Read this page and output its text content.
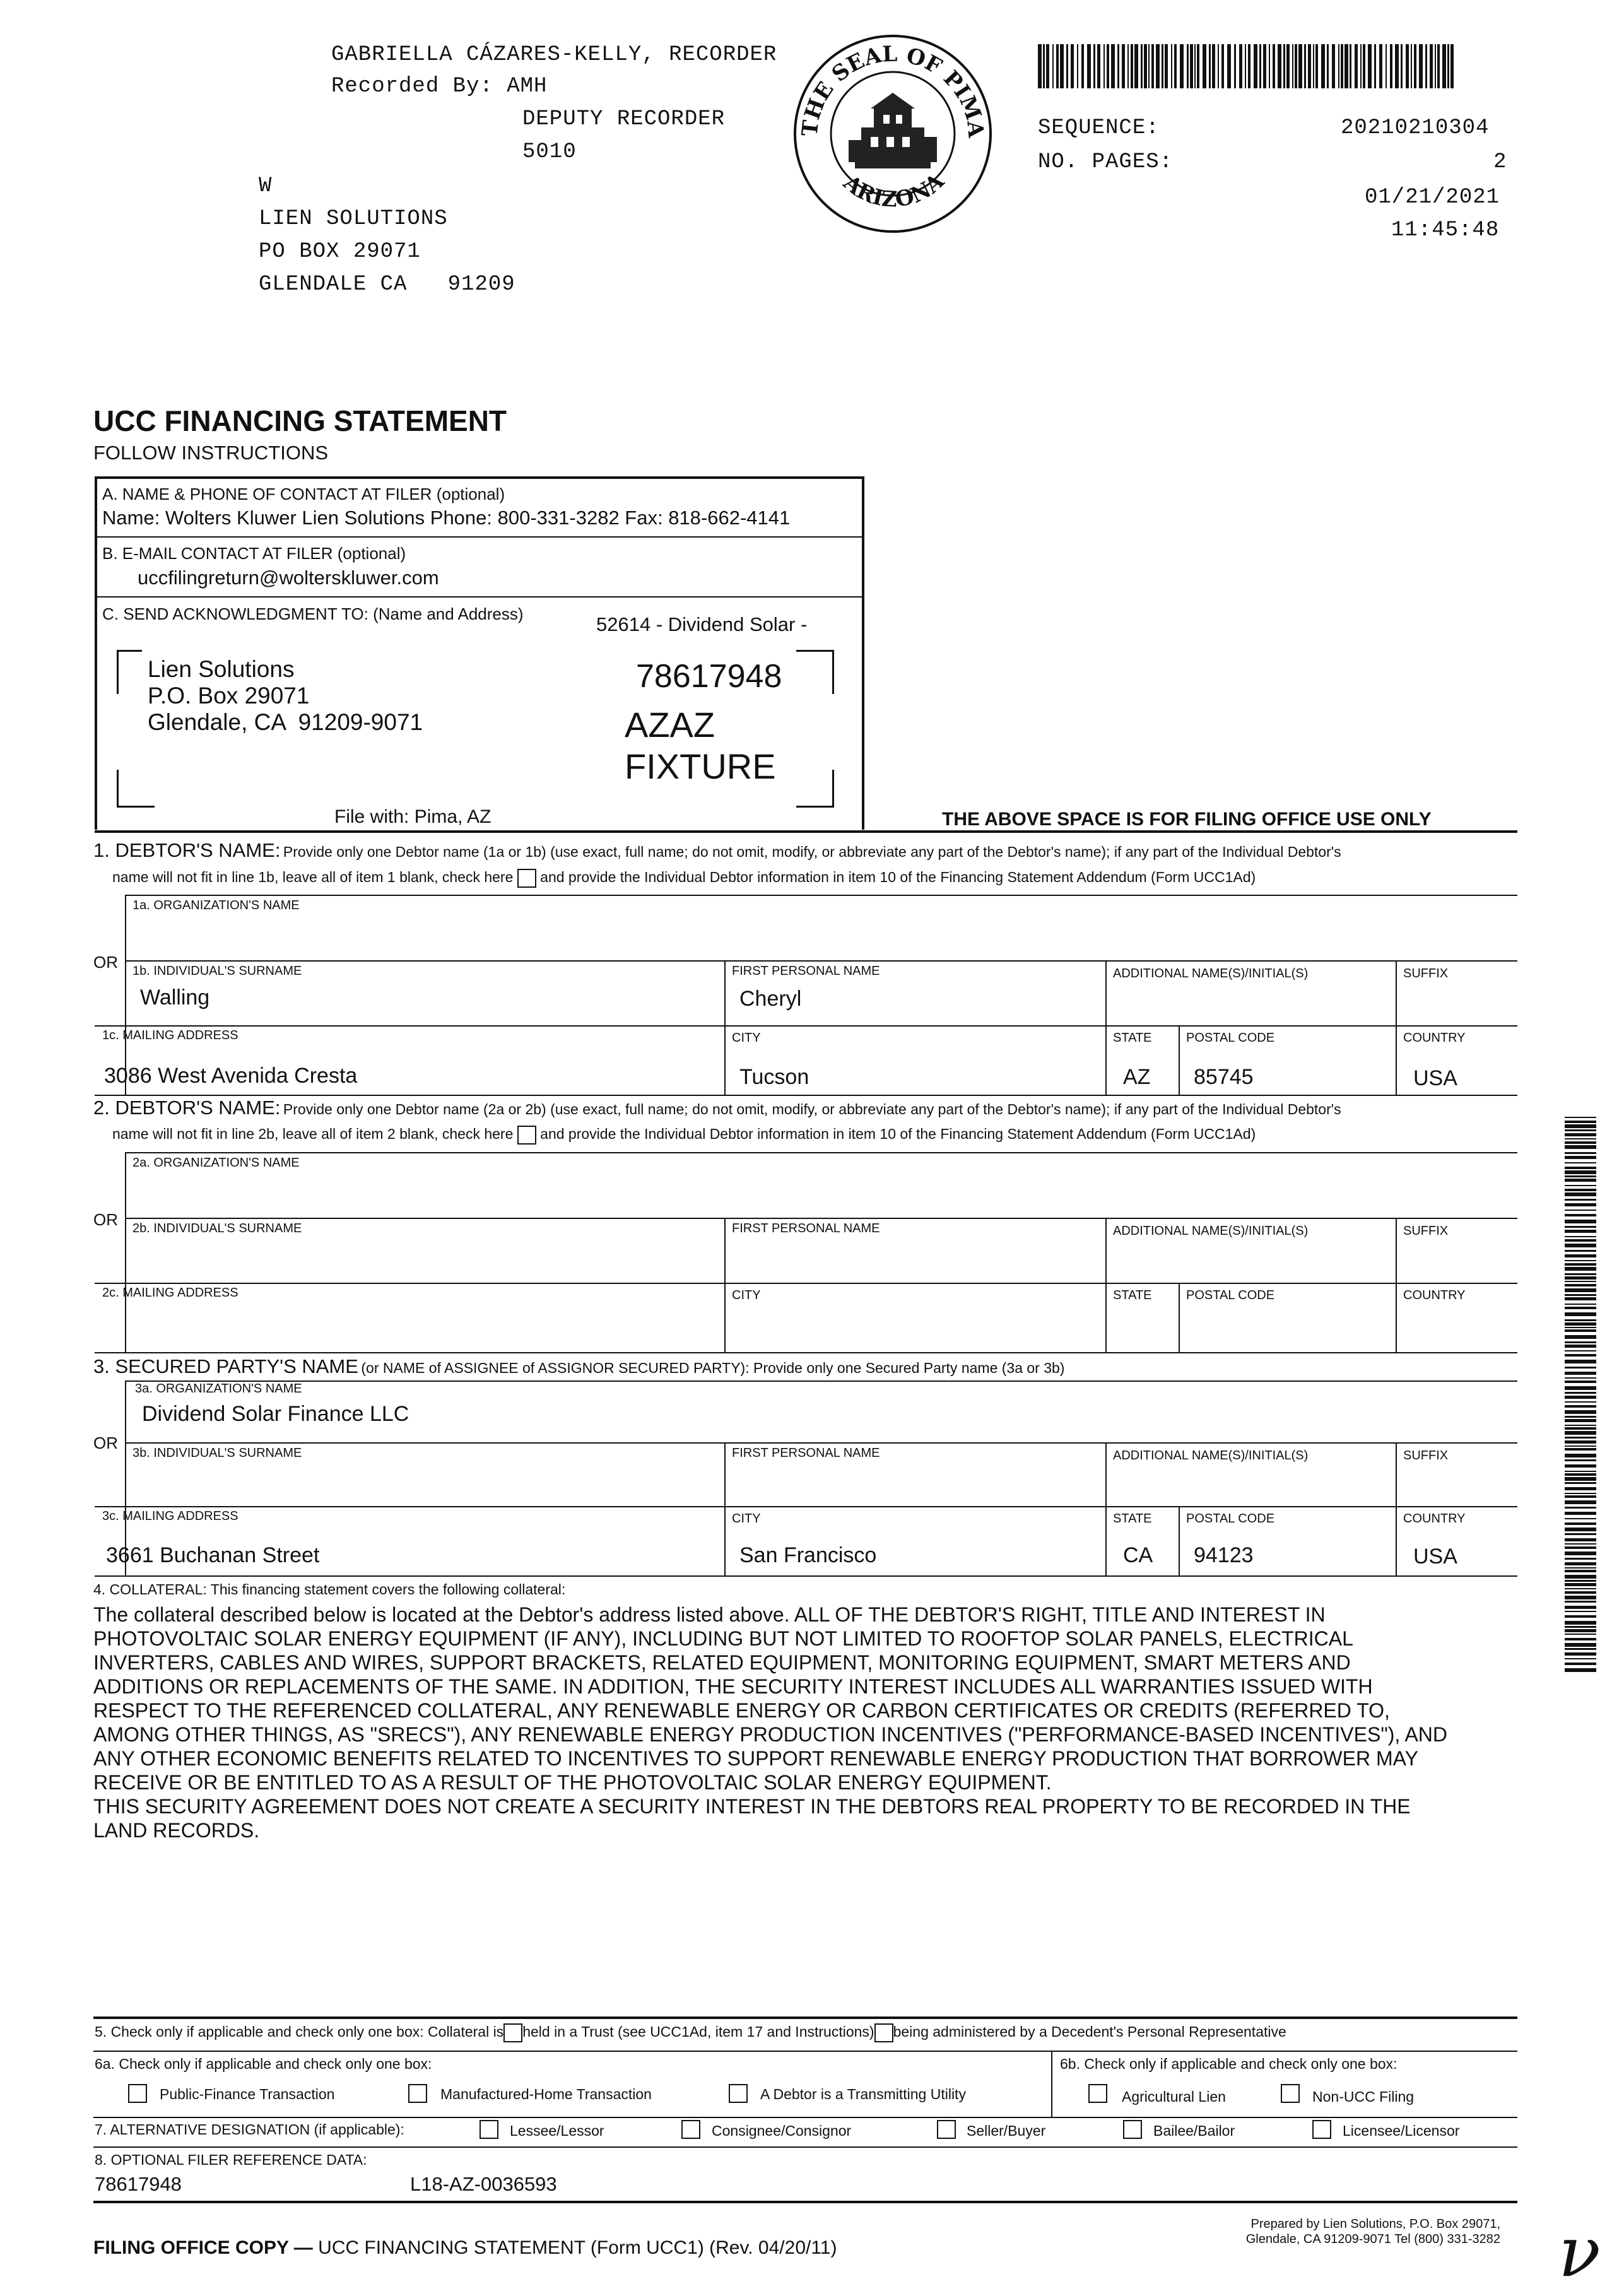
GABRIELLA CÁZARES-KELLY, RECORDER
Recorded By: AMH
DEPUTY RECORDER
5010
W
LIEN SOLUTIONS
PO BOX 29071
GLENDALE CA   91209
THE SEAL OF PIMA
ARIZONA
SEQUENCE:	20210210304
NO. PAGES:	2
01/21/2021
11:45:48
UCC FINANCING STATEMENT
FOLLOW INSTRUCTIONS
A. NAME & PHONE OF CONTACT AT FILER (optional)
Name: Wolters Kluwer Lien Solutions Phone: 800-331-3282 Fax: 818-662-4141
B. E-MAIL CONTACT AT FILER (optional)
uccfilingreturn@wolterskluwer.com
C. SEND ACKNOWLEDGMENT TO: (Name and Address)	52614 - Dividend Solar -
Lien Solutions
P.O. Box 29071
Glendale, CA  91209-9071
78617948
AZAZ
FIXTURE
File with: Pima, AZ	THE ABOVE SPACE IS FOR FILING OFFICE USE ONLY
1. DEBTOR'S NAME: Provide only one Debtor name (1a or 1b) (use exact, full name; do not omit, modify, or abbreviate any part of the Debtor's name); if any part of the Individual Debtor's
name will not fit in line 1b, leave all of item 1 blank, check here and provide the Individual Debtor information in item 10 of the Financing Statement Addendum (Form UCC1Ad)
1a. ORGANIZATION'S NAME
OR 1b. INDIVIDUAL'S SURNAME
Walling
FIRST PERSONAL NAME
Cheryl
ADDITIONAL NAME(S)/INITIAL(S)	SUFFIX
1c. MAILING ADDRESS
3086 West Avenida Cresta
CITY
Tucson
STATE
AZ
POSTAL CODE
85745
COUNTRY
USA
2. DEBTOR'S NAME: Provide only one Debtor name (2a or 2b) (use exact, full name; do not omit, modify, or abbreviate any part of the Debtor's name); if any part of the Individual Debtor's
name will not fit in line 2b, leave all of item 2 blank, check here and provide the Individual Debtor information in item 10 of the Financing Statement Addendum (Form UCC1Ad)
2a. ORGANIZATION'S NAME
OR 2b. INDIVIDUAL'S SURNAME	FIRST PERSONAL NAME	ADDITIONAL NAME(S)/INITIAL(S)	SUFFIX
2c. MAILING ADDRESS	CITY	STATE	POSTAL CODE	COUNTRY
3. SECURED PARTY'S NAME (or NAME of ASSIGNEE of ASSIGNOR SECURED PARTY): Provide only one Secured Party name (3a or 3b)
3a. ORGANIZATION'S NAME
Dividend Solar Finance LLC
OR
3b. INDIVIDUAL'S SURNAME	FIRST PERSONAL NAME	ADDITIONAL NAME(S)/INITIAL(S)	SUFFIX
3c. MAILING ADDRESS
3661 Buchanan Street
CITY
San Francisco
STATE
CA
POSTAL CODE
94123
COUNTRY
USA
4. COLLATERAL: This financing statement covers the following collateral:
The collateral described below is located at the Debtor's address listed above. ALL OF THE DEBTOR'S RIGHT, TITLE AND INTEREST IN
PHOTOVOLTAIC SOLAR ENERGY EQUIPMENT (IF ANY), INCLUDING BUT NOT LIMITED TO ROOFTOP SOLAR PANELS, ELECTRICAL
INVERTERS, CABLES AND WIRES, SUPPORT BRACKETS, RELATED EQUIPMENT, MONITORING EQUIPMENT, SMART METERS AND
ADDITIONS OR REPLACEMENTS OF THE SAME. IN ADDITION, THE SECURITY INTEREST INCLUDES ALL WARRANTIES ISSUED WITH
RESPECT TO THE REFERENCED COLLATERAL, ANY RENEWABLE ENERGY OR CARBON CERTIFICATES OR CREDITS (REFERRED TO,
AMONG OTHER THINGS, AS "SRECS"), ANY RENEWABLE ENERGY PRODUCTION INCENTIVES ("PERFORMANCE-BASED INCENTIVES"), AND
ANY OTHER ECONOMIC BENEFITS RELATED TO INCENTIVES TO SUPPORT RENEWABLE ENERGY PRODUCTION THAT BORROWER MAY
RECEIVE OR BE ENTITLED TO AS A RESULT OF THE PHOTOVOLTAIC SOLAR ENERGY EQUIPMENT.
THIS SECURITY AGREEMENT DOES NOT CREATE A SECURITY INTEREST IN THE DEBTORS REAL PROPERTY TO BE RECORDED IN THE
LAND RECORDS.
5. Check only if applicable and check only one box: Collateral is held in a Trust (see UCC1Ad, item 17 and Instructions) being administered by a Decedent's Personal Representative
6a. Check only if applicable and check only one box:	6b. Check only if applicable and check only one box:
Public-Finance Transaction	Manufactured-Home Transaction	A Debtor is a Transmitting Utility	Agricultural Lien	Non-UCC Filing
7. ALTERNATIVE DESIGNATION (if applicable):	Lessee/Lessor	Consignee/Consignor	Seller/Buyer	Bailee/Bailor	Licensee/Licensor
8. OPTIONAL FILER REFERENCE DATA:
78617948	L18-AZ-0036593
FILING OFFICE COPY — UCC FINANCING STATEMENT (Form UCC1) (Rev. 04/20/11)
Prepared by Lien Solutions, P.O. Box 29071,
Glendale, CA 91209-9071 Tel (800) 331-3282 ν
